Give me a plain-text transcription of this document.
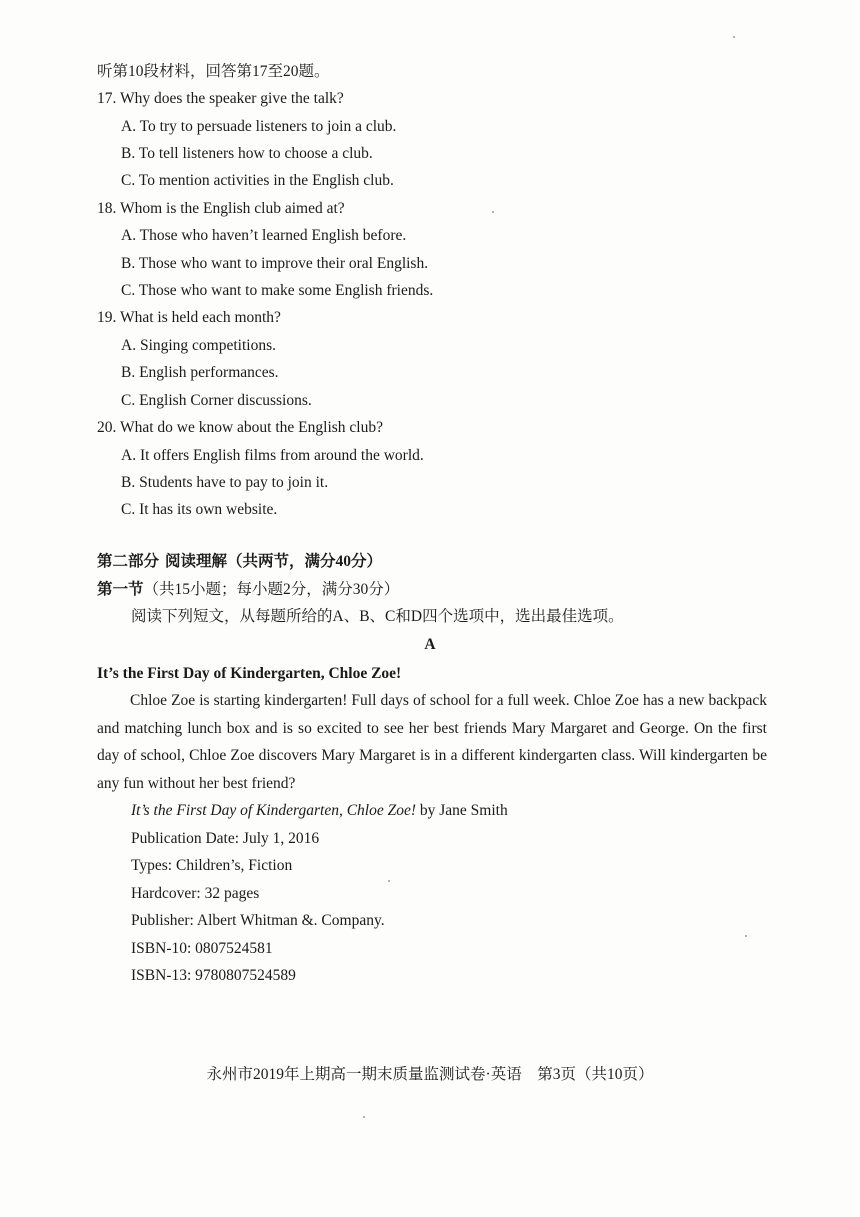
听第10段材料，回答第17至20题。
17. Why does the speaker give the talk?
A. To try to persuade listeners to join a club.
B. To tell listeners how to choose a club.
C. To mention activities in the English club.
18. Whom is the English club aimed at?
A. Those who haven’t learned English before.
B. Those who want to improve their oral English.
C. Those who want to make some English friends.
19. What is held each month?
A. Singing competitions.
B. English performances.
C. English Corner discussions.
20. What do we know about the English club?
A. It offers English films from around the world.
B. Students have to pay to join it.
C. It has its own website.
第二部分 阅读理解（共两节，满分40分）
第一节（共15小题；每小题2分，满分30分）
阅读下列短文，从每题所给的A、B、C和D四个选项中，选出最佳选项。
A
It’s the First Day of Kindergarten, Chloe Zoe!
Chloe Zoe is starting kindergarten! Full days of school for a full week. Chloe Zoe has a new backpack and matching lunch box and is so excited to see her best friends Mary Margaret and George. On the first day of school, Chloe Zoe discovers Mary Margaret is in a different kindergarten class. Will kindergarten be any fun without her best friend?
It’s the First Day of Kindergarten, Chloe Zoe! by Jane Smith
Publication Date: July 1, 2016
Types: Children’s, Fiction
Hardcover: 32 pages
Publisher: Albert Whitman &. Company.
ISBN-10: 0807524581
ISBN-13: 9780807524589
永州市2019年上期高一期末质量监测试卷·英语　第3页（共10页）
